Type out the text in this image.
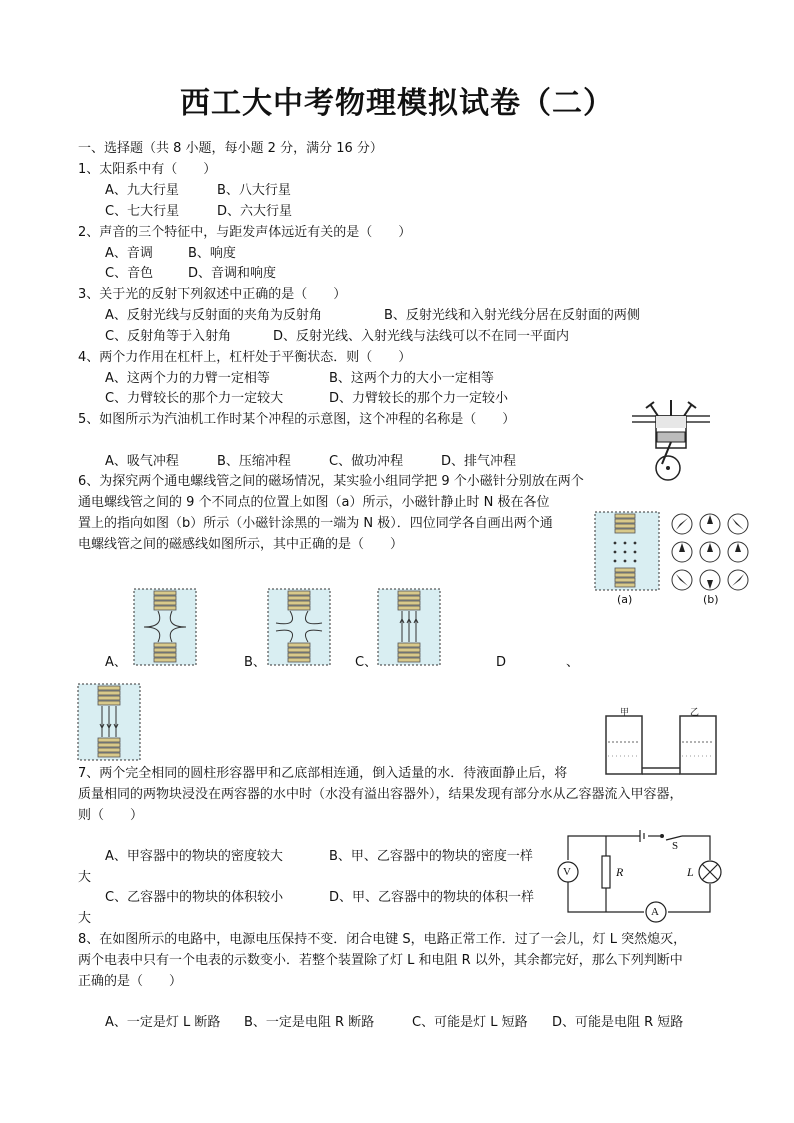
西工大中考物理模拟试卷（二）
一、选择题（共 8 小题，每小题 2 分，满分 16 分）
1、太阳系中有（　　）
A、九大行星	B、八大行星
C、七大行星	D、六大行星
2、声音的三个特征中，与距发声体远近有关的是（　　）
A、音调	B、响度
C、音色	D、音调和响度
3、关于光的反射下列叙述中正确的是（　　）
A、反射光线与反射面的夹角为反射角	B、反射光线和入射光线分居在反射面的两侧
C、反射角等于入射角	D、反射光线、入射光线与法线可以不在同一平面内
4、两个力作用在杠杆上，杠杆处于平衡状态．则（　　）
A、这两个力的力臂一定相等	B、这两个力的大小一定相等
C、力臂较长的那个力一定较大	D、力臂较长的那个力一定较小
5、如图所示为汽油机工作时某个冲程的示意图，这个冲程的名称是（　　）
A、吸气冲程	B、压缩冲程	C、做功冲程	D、排气冲程
6、为探究两个通电螺线管之间的磁场情况，某实验小组同学把 9 个小磁针分别放在两个
通电螺线管之间的 9 个不同点的位置上如图（a）所示，小磁针静止时 N 极在各位
置上的指向如图（b）所示（小磁针涂黑的一端为 N 极）．四位同学各自画出两个通
电螺线管之间的磁感线如图所示，其中正确的是（　　）
(a)	(b)
A、	B、	C、	D	、
甲	乙
7、两个完全相同的圆柱形容器甲和乙底部相连通，倒入适量的水．待液面静止后，将
质量相同的两物块浸没在两容器的水中时（水没有溢出容器外），结果发现有部分水从乙容器流入甲容器，
则（　　）
A、甲容器中的物块的密度较大	B、甲、乙容器中的物块的密度一样
大
C、乙容器中的物块的体积较小	D、甲、乙容器中的物块的体积一样
大
V	R	L
S
A
8、在如图所示的电路中，电源电压保持不变．闭合电键 S，电路正常工作．过了一会儿，灯 L 突然熄灭，
两个电表中只有一个电表的示数变小．若整个装置除了灯 L 和电阻 R 以外，其余都完好，那么下列判断中
正确的是（　　）
A、一定是灯 L 断路 B、一定是电阻 R 断路	C、可能是灯 L 短路 D、可能是电阻 R 短路
